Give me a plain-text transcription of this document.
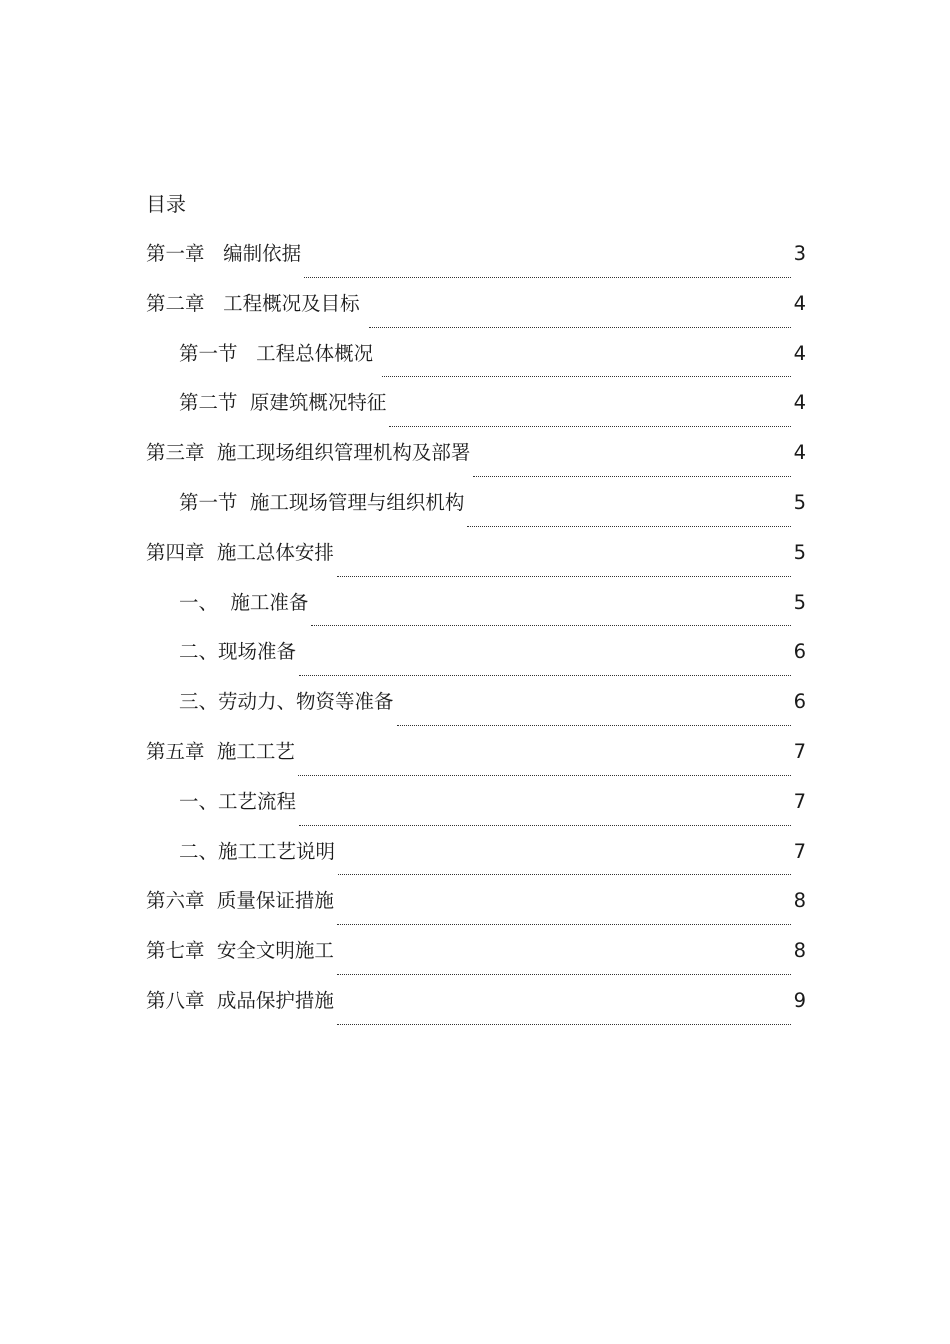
目录
第一章   编制依据	3
第二章   工程概况及目标	4
第一节   工程总体概况	4
第二节  原建筑概况特征	4
第三章  施工现场组织管理机构及部署	4
第一节  施工现场管理与组织机构	5
第四章  施工总体安排	5
一、  施工准备	5
二、现场准备	6
三、劳动力、物资等准备	6
第五章  施工工艺	7
一、工艺流程	7
二、施工工艺说明	7
第六章  质量保证措施	8
第七章  安全文明施工	8
第八章  成品保护措施	9
